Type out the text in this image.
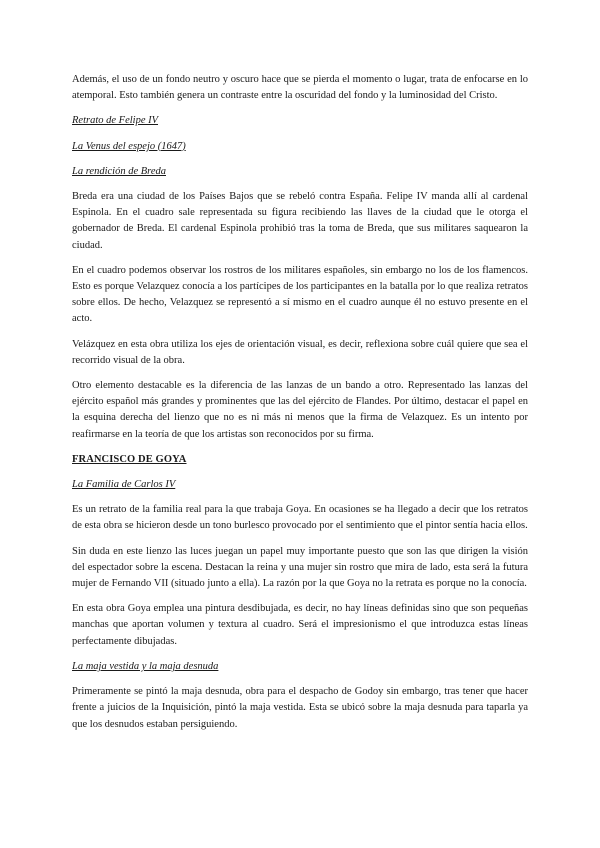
Además, el uso de un fondo neutro y oscuro hace que se pierda el momento o lugar, trata de enfocarse en lo atemporal. Esto también genera un contraste entre la oscuridad del fondo y la luminosidad del Cristo.

Retrato de Felipe IV
La Venus del espejo (1647)
La rendición de Breda

Breda era una ciudad de los Países Bajos que se rebeló contra España. Felipe IV manda allí al cardenal Espinola. En el cuadro sale representada su figura recibiendo las llaves de la ciudad que le otorga el gobernador de Breda. El cardenal Espinola prohibió tras la toma de Breda, que sus militares saquearon la ciudad.

En el cuadro podemos observar los rostros de los militares españoles, sin embargo no los de los flamencos. Esto es porque Velazquez conocía a los partícipes de los participantes en la batalla por lo que realiza retratos sobre ellos. De hecho, Velazquez se representó a sí mismo en el cuadro aunque él no estuvo presente en el acto.

Velázquez en esta obra utiliza los ejes de orientación visual, es decir, reflexiona sobre cuál quiere que sea el recorrido visual de la obra.

Otro elemento destacable es la diferencia de las lanzas de un bando a otro. Representado las lanzas del ejército español más grandes y prominentes que las del ejército de Flandes. Por último, destacar el papel en la esquina derecha del lienzo que no es ni más ni menos que la firma de Velazquez. Es un intento por reafirmarse en la teoría de que los artistas son reconocidos por su firma.

FRANCISCO DE GOYA
La Familia de Carlos IV

Es un retrato de la familia real para la que trabaja Goya. En ocasiones se ha llegado a decir que los retratos de esta obra se hicieron desde un tono burlesco provocado por el sentimiento que el pintor sentía hacia ellos.

Sin duda en este lienzo las luces juegan un papel muy importante puesto que son las que dirigen la visión del espectador sobre la escena. Destacan la reina y una mujer sin rostro que mira de lado, esta será la futura mujer de Fernando VII (situado junto a ella). La razón por la que Goya no la retrata es porque no la conocía.

En esta obra Goya emplea una pintura desdibujada, es decir, no hay líneas definidas sino que son pequeñas manchas que aportan volumen y textura al cuadro. Será el impresionismo el que introduzca estas líneas perfectamente dibujadas.

La maja vestida y la maja desnuda

Primeramente se pintó la maja desnuda, obra para el despacho de Godoy sin embargo, tras tener que hacer frente a juicios de la Inquisición, pintó la maja vestida. Esta se ubicó sobre la maja desnuda para taparla ya que los desnudos estaban persiguiendo.
